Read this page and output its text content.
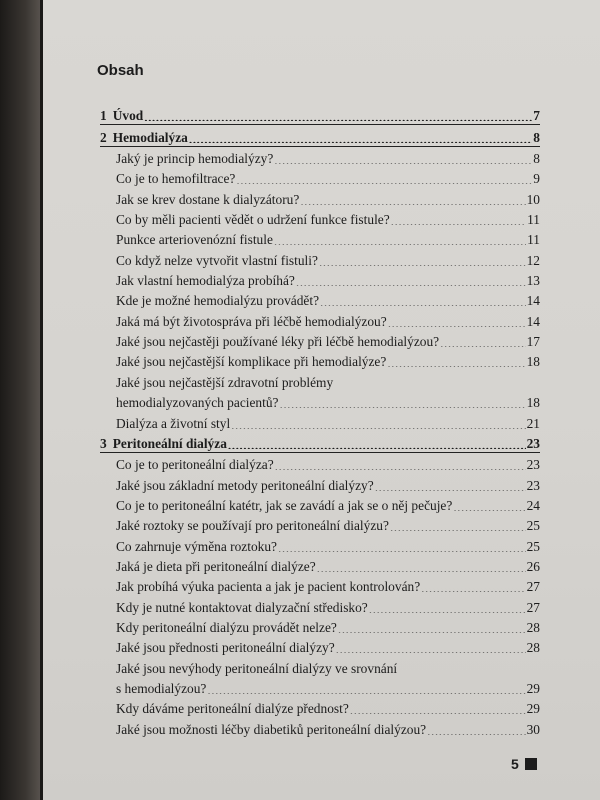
Obsah
1 Úvod .....	7
2 Hemodialýza .....	8
Jaký je princip hemodialýzy? .....	8
Co je to hemofiltrace? .....	9
Jak se krev dostane k dialyzátoru? .....	10
Co by měli pacienti vědět o udržení funkce fistule? .....	11
Punkce arteriovenózní fistule .....	11
Co když nelze vytvořit vlastní fistuli? .....	12
Jak vlastní hemodialýza probíhá? .....	13
Kde je možné hemodialýzu provádět? .....	14
Jaká má být životospráva při léčbě hemodialýzou? .....	14
Jaké jsou nejčastěji používané léky při léčbě hemodialýzou? .....	17
Jaké jsou nejčastější komplikace při hemodialýze? .....	18
Jaké jsou nejčastější zdravotní problémy
hemodialyzovaných pacientů? .....	18
Dialýza a životní styl .....	21
3 Peritoneální dialýza .....	23
Co je to peritoneální dialýza? .....	23
Jaké jsou základní metody peritoneální dialýzy? .....	23
Co je to peritoneální katétr, jak se zavádí a jak se o něj pečuje? .....	24
Jaké roztoky se používají pro peritoneální dialýzu? .....	25
Co zahrnuje výměna roztoku? .....	25
Jaká je dieta při peritoneální dialýze? .....	26
Jak probíhá výuka pacienta a jak je pacient kontrolován? .....	27
Kdy je nutné kontaktovat dialyzační středisko? .....	27
Kdy peritoneální dialýzu provádět nelze? .....	28
Jaké jsou přednosti peritoneální dialýzy? .....	28
Jaké jsou nevýhody peritoneální dialýzy ve srovnání
s hemodialýzou? .....	29
Kdy dáváme peritoneální dialýze přednost? .....	29
Jaké jsou možnosti léčby diabetiků peritoneální dialýzou? .....	30
5
